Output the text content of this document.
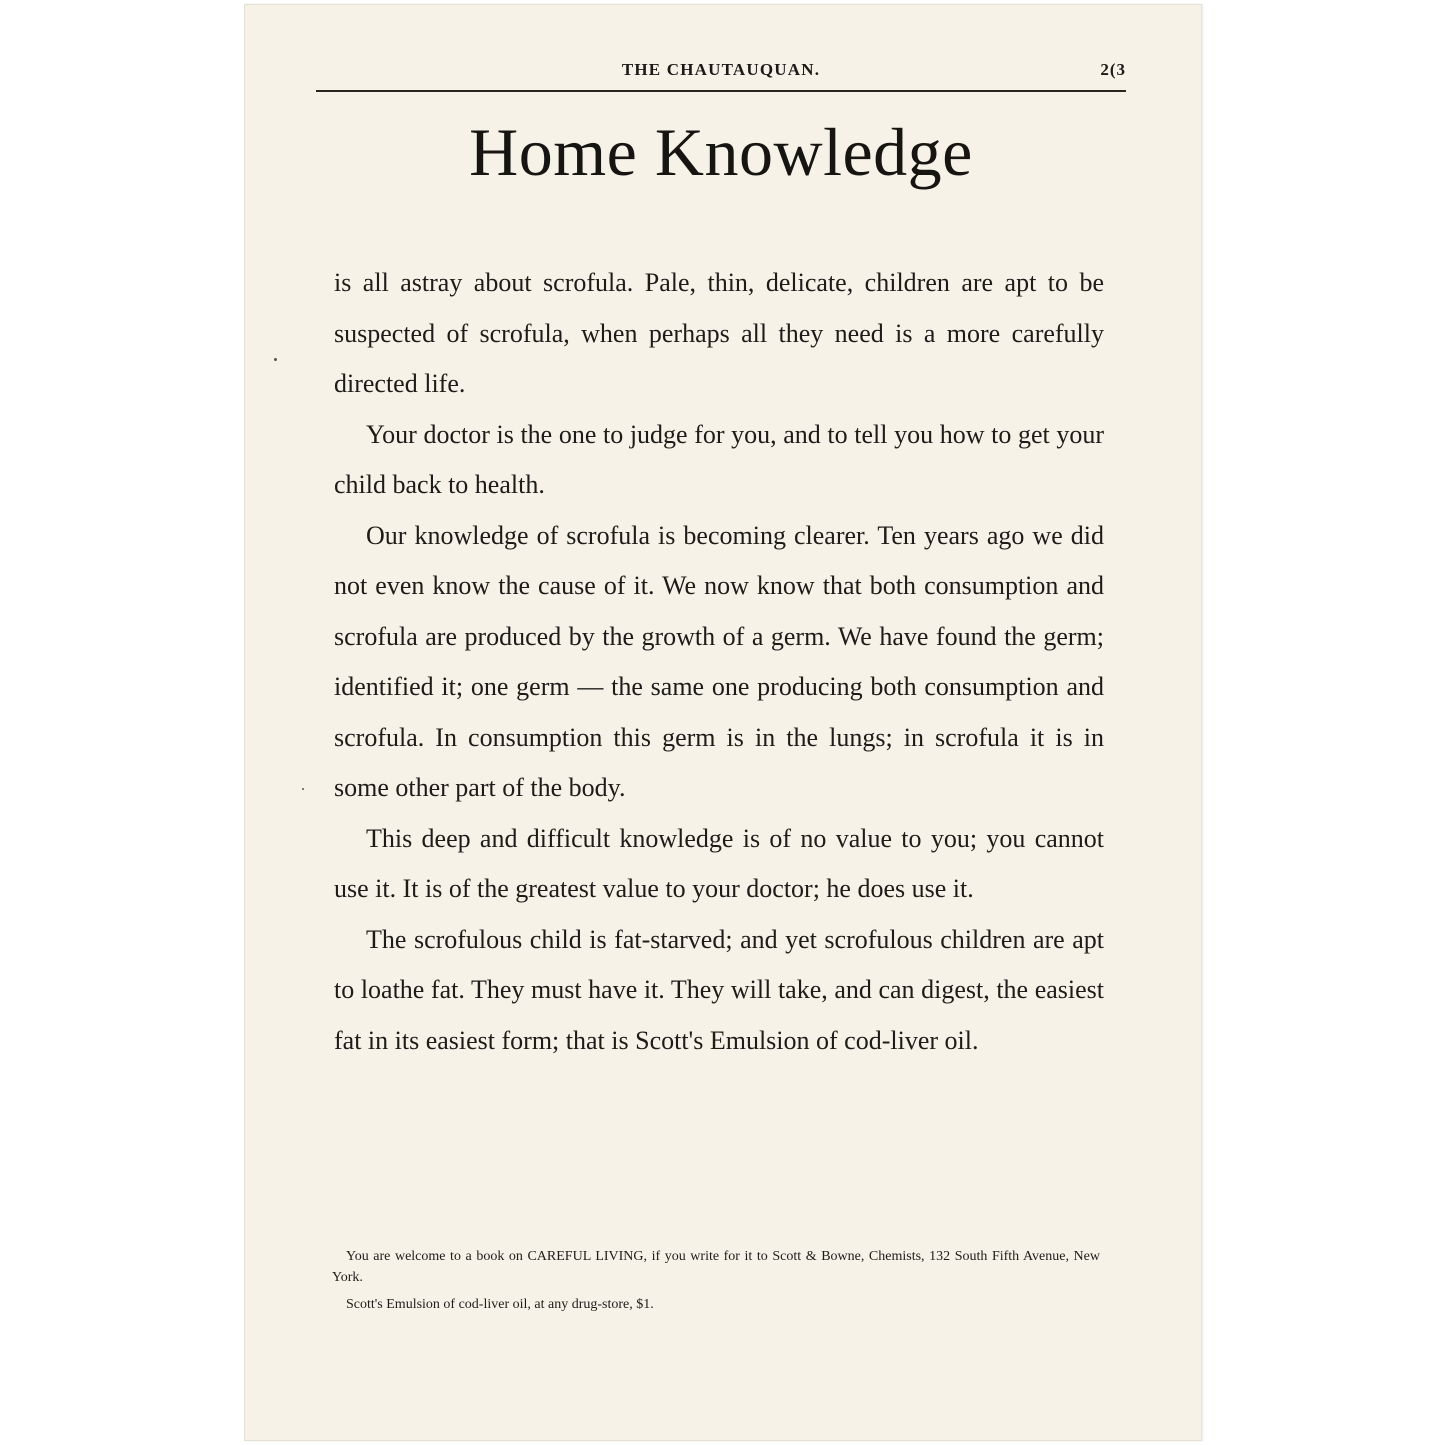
THE CHAUTAUQUAN.	2(3
Home Knowledge

is all astray about scrofula. Pale, thin, delicate, children are apt to be suspected of scrofula, when perhaps all they need is a more carefully directed life.

Your doctor is the one to judge for you, and to tell you how to get your child back to health.

Our knowledge of scrofula is becoming clearer. Ten years ago we did not even know the cause of it. We now know that both consumption and scrofula are produced by the growth of a germ. We have found the germ; identified it; one germ — the same one producing both consumption and scrofula. In consumption this germ is in the lungs; in scrofula it is in some other part of the body.

This deep and difficult knowledge is of no value to you; you cannot use it. It is of the greatest value to your doctor; he does use it.

The scrofulous child is fat-starved; and yet scrofulous children are apt to loathe fat. They must have it. They will take, and can digest, the easiest fat in its easiest form; that is Scott's Emulsion of cod-liver oil.

You are welcome to a book on CAREFUL LIVING, if you write for it to Scott & Bowne, Chemists, 132 South Fifth Avenue, New York.

Scott's Emulsion of cod-liver oil, at any drug-store, $1.
